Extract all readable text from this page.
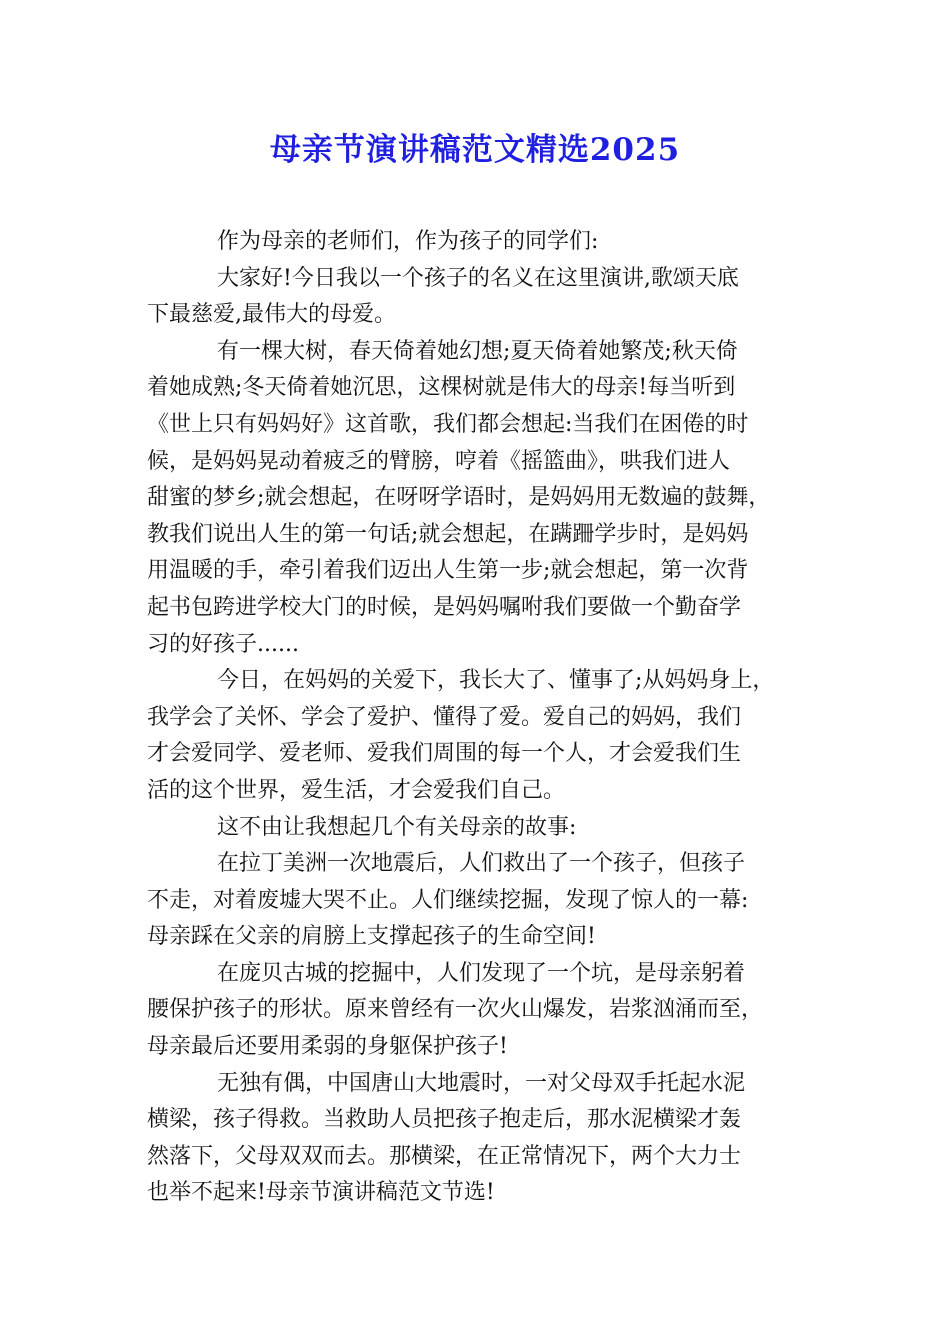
母亲节演讲稿范文精选2025

作为母亲的老师们，作为孩子的同学们:

大家好!今日我以一个孩子的名义在这里演讲,歌颂天底
下最慈爱,最伟大的母爱。

有一棵大树，春天倚着她幻想;夏天倚着她繁茂;秋天倚
着她成熟;冬天倚着她沉思，这棵树就是伟大的母亲!每当听到
《世上只有妈妈好》这首歌，我们都会想起:当我们在困倦的时
候，是妈妈晃动着疲乏的臂膀，哼着《摇篮曲》，哄我们进人
甜蜜的梦乡;就会想起，在呀呀学语时，是妈妈用无数遍的鼓舞，
教我们说出人生的第一句话;就会想起，在蹒跚学步时，是妈妈
用温暖的手，牵引着我们迈出人生第一步;就会想起，第一次背
起书包跨进学校大门的时候，是妈妈嘱咐我们要做一个勤奋学
习的好孩子......

今日，在妈妈的关爱下，我长大了、懂事了;从妈妈身上，
我学会了关怀、学会了爱护、懂得了爱。爱自己的妈妈，我们
才会爱同学、爱老师、爱我们周围的每一个人，才会爱我们生
活的这个世界，爱生活，才会爱我们自己。

这不由让我想起几个有关母亲的故事:

在拉丁美洲一次地震后，人们救出了一个孩子，但孩子
不走，对着废墟大哭不止。人们继续挖掘，发现了惊人的一幕:
母亲踩在父亲的肩膀上支撑起孩子的生命空间!

在庞贝古城的挖掘中，人们发现了一个坑，是母亲躬着
腰保护孩子的形状。原来曾经有一次火山爆发，岩浆汹涌而至，
母亲最后还要用柔弱的身躯保护孩子!

无独有偶，中国唐山大地震时，一对父母双手托起水泥
横梁，孩子得救。当救助人员把孩子抱走后，那水泥横梁才轰
然落下，父母双双而去。那横梁，在正常情况下，两个大力士
也举不起来!母亲节演讲稿范文节选!
